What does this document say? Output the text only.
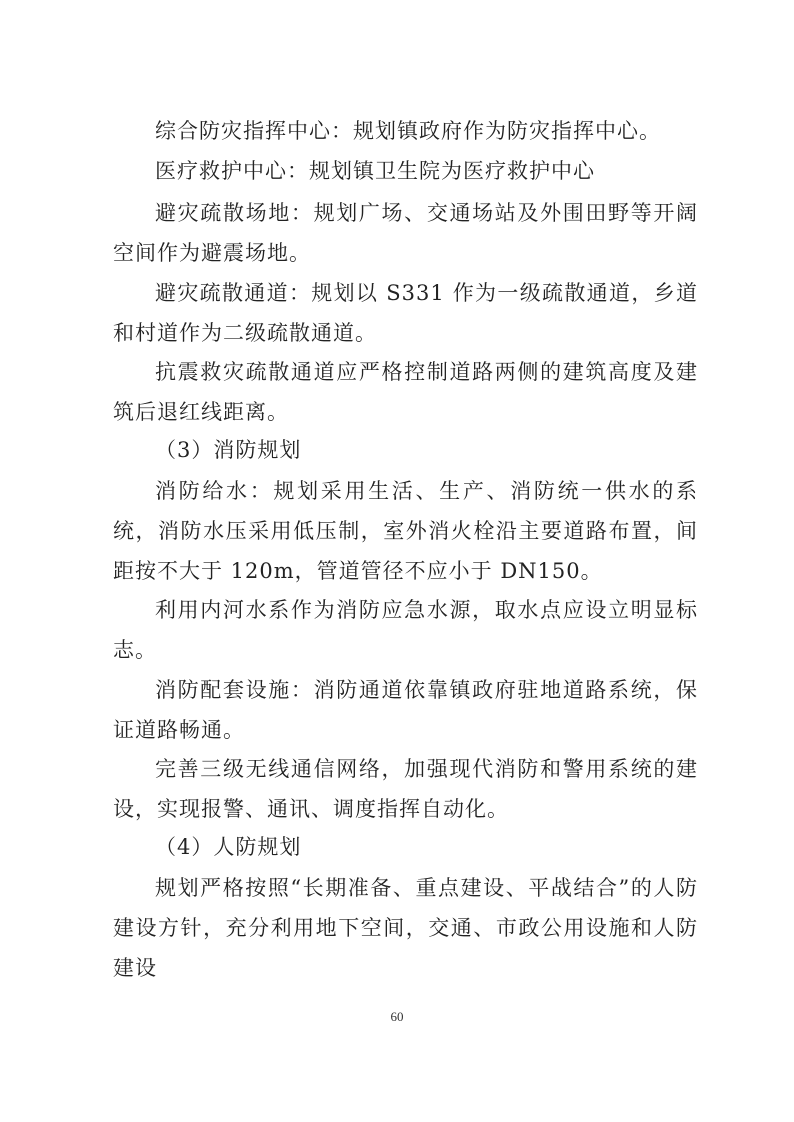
综合防灾指挥中心：规划镇政府作为防灾指挥中心。

医疗救护中心：规划镇卫生院为医疗救护中心

避灾疏散场地：规划广场、交通场站及外围田野等开阔空间作为避震场地。

避灾疏散通道：规划以 S331 作为一级疏散通道，乡道和村道作为二级疏散通道。

抗震救灾疏散通道应严格控制道路两侧的建筑高度及建筑后退红线距离。

（3）消防规划

消防给水：规划采用生活、生产、消防统一供水的系统，消防水压采用低压制，室外消火栓沿主要道路布置，间距按不大于 120m，管道管径不应小于 DN150。

利用内河水系作为消防应急水源，取水点应设立明显标志。

消防配套设施：消防通道依靠镇政府驻地道路系统，保证道路畅通。

完善三级无线通信网络，加强现代消防和警用系统的建设，实现报警、通讯、调度指挥自动化。

（4）人防规划

规划严格按照“长期准备、重点建设、平战结合”的人防建设方针，充分利用地下空间，交通、市政公用设施和人防建设

60
